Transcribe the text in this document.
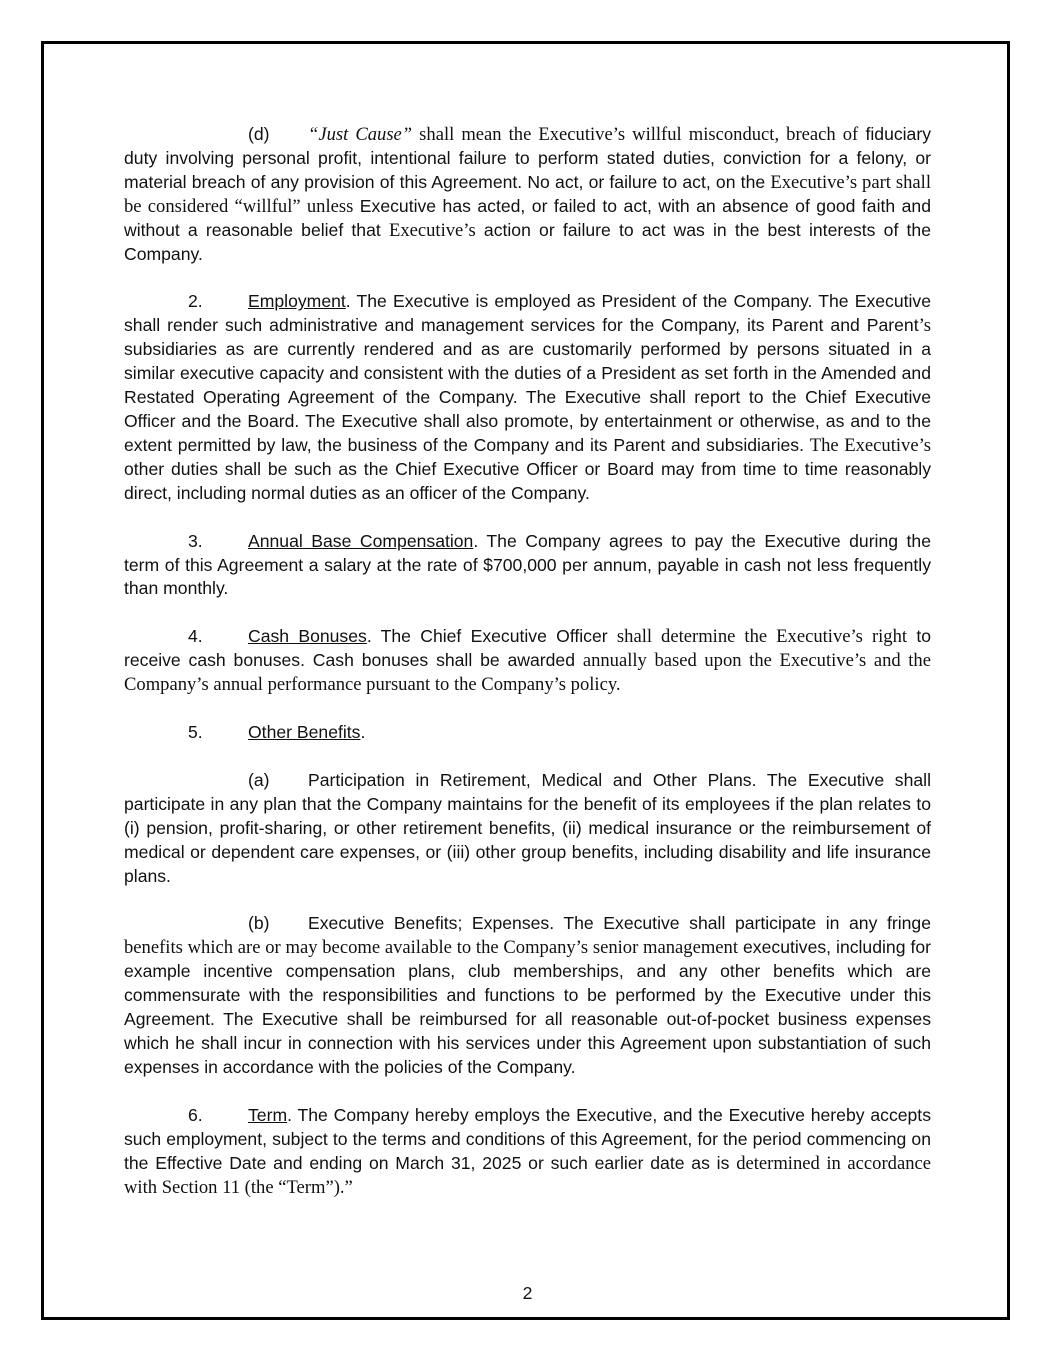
(d) “Just Cause” shall mean the Executive’s willful misconduct, breach of fiduciary duty involving personal profit, intentional failure to perform stated duties, conviction for a felony, or material breach of any provision of this Agreement. No act, or failure to act, on the Executive’s part shall be considered “willful” unless Executive has acted, or failed to act, with an absence of good faith and without a reasonable belief that Executive’s action or failure to act was in the best interests of the Company.

2.	Employment. The Executive is employed as President of the Company. The Executive shall render such administrative and management services for the Company, its Parent and Parent’s subsidiaries as are currently rendered and as are customarily performed by persons situated in a similar executive capacity and consistent with the duties of a President as set forth in the Amended and Restated Operating Agreement of the Company. The Executive shall report to the Chief Executive Officer and the Board. The Executive shall also promote, by entertainment or otherwise, as and to the extent permitted by law, the business of the Company and its Parent and subsidiaries. The Executive’s other duties shall be such as the Chief Executive Officer or Board may from time to time reasonably direct, including normal duties as an officer of the Company.

3.	Annual Base Compensation. The Company agrees to pay the Executive during the term of this Agreement a salary at the rate of $700,000 per annum, payable in cash not less frequently than monthly.

4.	Cash Bonuses. The Chief Executive Officer shall determine the Executive’s right to receive cash bonuses. Cash bonuses shall be awarded annually based upon the Executive’s and the Company’s annual performance pursuant to the Company’s policy.

5.	Other Benefits.

(a) Participation in Retirement, Medical and Other Plans. The Executive shall participate in any plan that the Company maintains for the benefit of its employees if the plan relates to (i) pension, profit-sharing, or other retirement benefits, (ii) medical insurance or the reimbursement of medical or dependent care expenses, or (iii) other group benefits, including disability and life insurance plans.

(b) Executive Benefits; Expenses. The Executive shall participate in any fringe benefits which are or may become available to the Company’s senior management executives, including for example incentive compensation plans, club memberships, and any other benefits which are commensurate with the responsibilities and functions to be performed by the Executive under this Agreement. The Executive shall be reimbursed for all reasonable out-of-pocket business expenses which he shall incur in connection with his services under this Agreement upon substantiation of such expenses in accordance with the policies of the Company.

6.	Term. The Company hereby employs the Executive, and the Executive hereby accepts such employment, subject to the terms and conditions of this Agreement, for the period commencing on the Effective Date and ending on March 31, 2025 or such earlier date as is determined in accordance with Section 11 (the “Term”).”

2
